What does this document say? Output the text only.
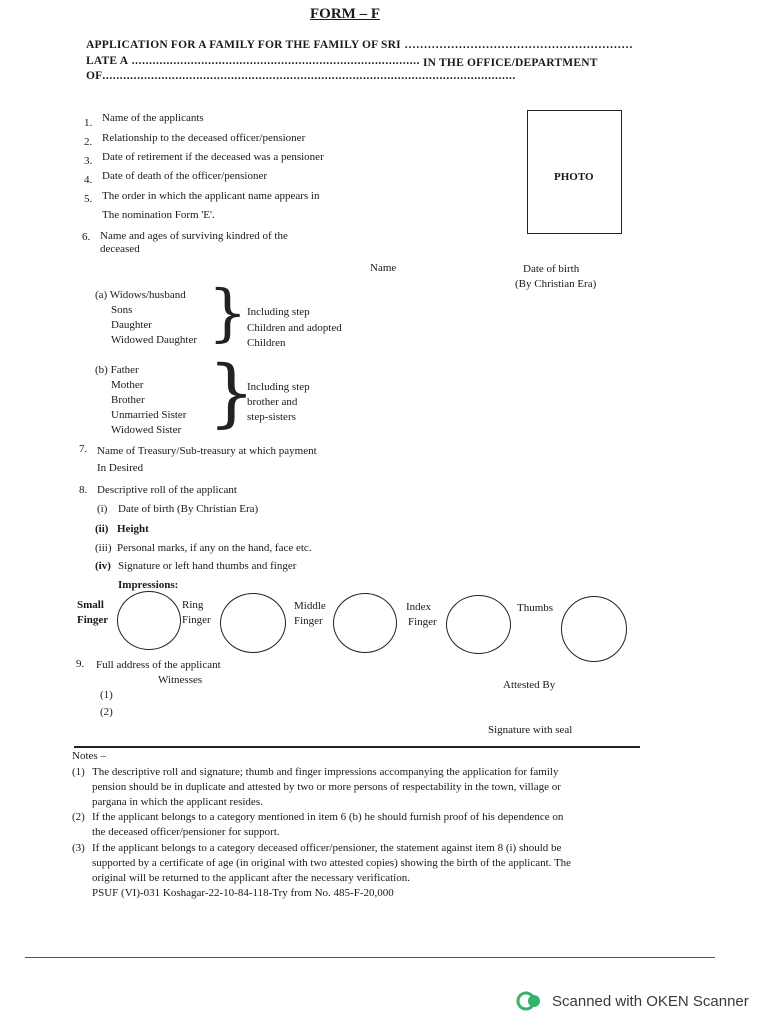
FORM – F
APPLICATION FOR A FAMILY FOR THE FAMILY OF SRI ...........................................................
LATE A ................................................................................... IN THE OFFICE/DEPARTMENT
OF.......................................................................................................................
PHOTO
1. Name of the applicants
2. Relationship to the deceased officer/pensioner
3. Date of retirement if the deceased was a pensioner
4. Date of death of the officer/pensioner
5. The order in which the applicant name appears in
The nomination Form 'E'.
6. Name and ages of surviving kindred of the
deceased
Name	Date of birth
(By Christian Era)
(a) Widows/husband
Sons
Daughter
Widowed Daughter } Including step
Children and adopted
Children
(b) Father
Mother
Brother
Unmarried Sister
Widowed Sister }
Including step
brother and
step-sisters
7. Name of Treasury/Sub-treasury at which payment
In Desired
8. Descriptive roll of the applicant
(i) Date of birth (By Christian Era)
(ii) Height
(iii) Personal marks, if any on the hand, face etc.
(iv) Signature or left hand thumbs and finger
Impressions:
Small
Finger
Ring
Finger
Middle
Finger
Index
Finger
Thumbs
9. Full address of the applicant
Witnesses
(1)
(2)
Attested By
Signature with seal
Notes –
(1) The descriptive roll and signature; thumb and finger impressions accompanying the application for family
pension should be in duplicate and attested by two or more persons of respectability in the town, village or
pargana in which the applicant resides.
(2) If the applicant belongs to a category mentioned in item 6 (b) he should furnish proof of his dependence on
the deceased officer/pensioner for support.
(3) If the applicant belongs to a category deceased officer/pensioner, the statement against item 8 (i) should be
supported by a certificate of age (in original with two attested copies) showing the birth of the applicant. The
original will be returned to the applicant after the necessary verification.
PSUF (VI)-031 Koshagar-22-10-84-118-Try from No. 485-F-20,000
Scanned with OKEN Scanner
